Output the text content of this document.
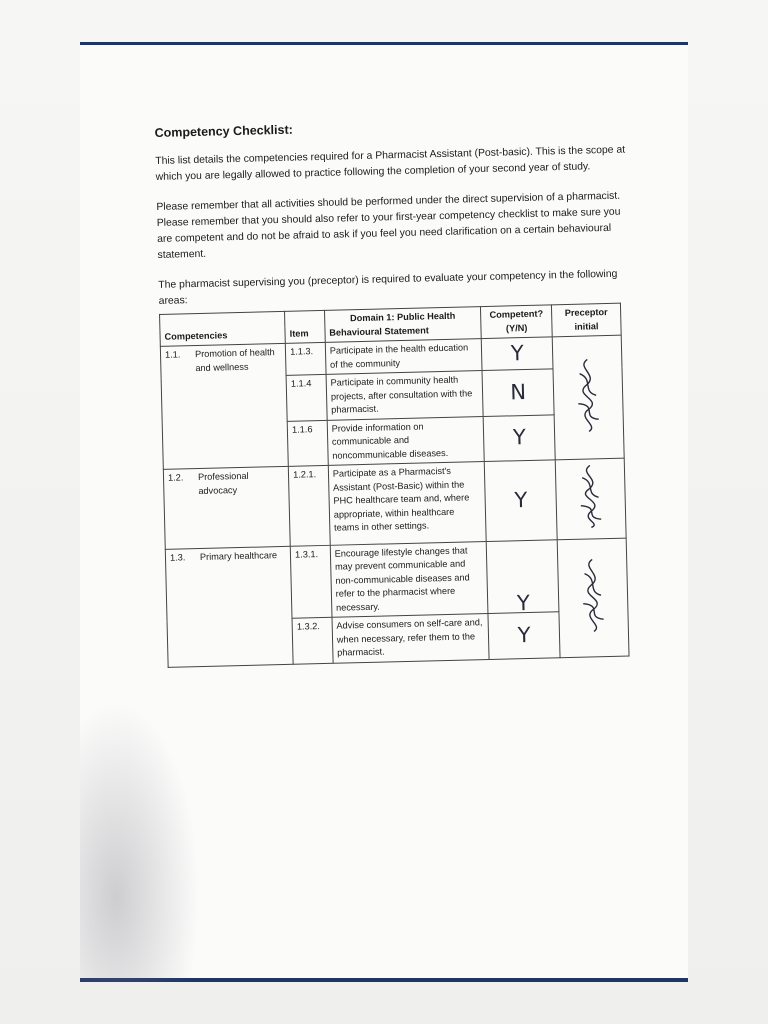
Competency Checklist:

This list details the competencies required for a Pharmacist Assistant (Post-basic). This is the scope at which you are legally allowed to practice following the completion of your second year of study.

Please remember that all activities should be performed under the direct supervision of a pharmacist. Please remember that you should also refer to your first-year competency checklist to make sure you are competent and do not be afraid to ask if you feel you need clarification on a certain behavioural statement.

The pharmacist supervising you (preceptor) is required to evaluate your competency in the following areas:

Competencies	Item	Domain 1: Public Health	Competent? (Y/N)	Preceptor initial
		Behavioural Statement		
1.1. Promotion of health and wellness	1.1.3.	Participate in the health education of the community	Y	
	1.1.4	Participate in community health projects, after consultation with the pharmacist.	N	
	1.1.6	Provide information on communicable and noncommunicable diseases.	Y	
1.2. Professional advocacy	1.2.1.	Participate as a Pharmacist's Assistant (Post-Basic) within the PHC healthcare team and, where appropriate, within healthcare teams in other settings.	Y	
1.3. Primary healthcare	1.3.1.	Encourage lifestyle changes that may prevent communicable and non-communicable diseases and refer to the pharmacist where necessary.	Y	
	1.3.2.	Advise consumers on self-care and, when necessary, refer them to the pharmacist.	Y	
